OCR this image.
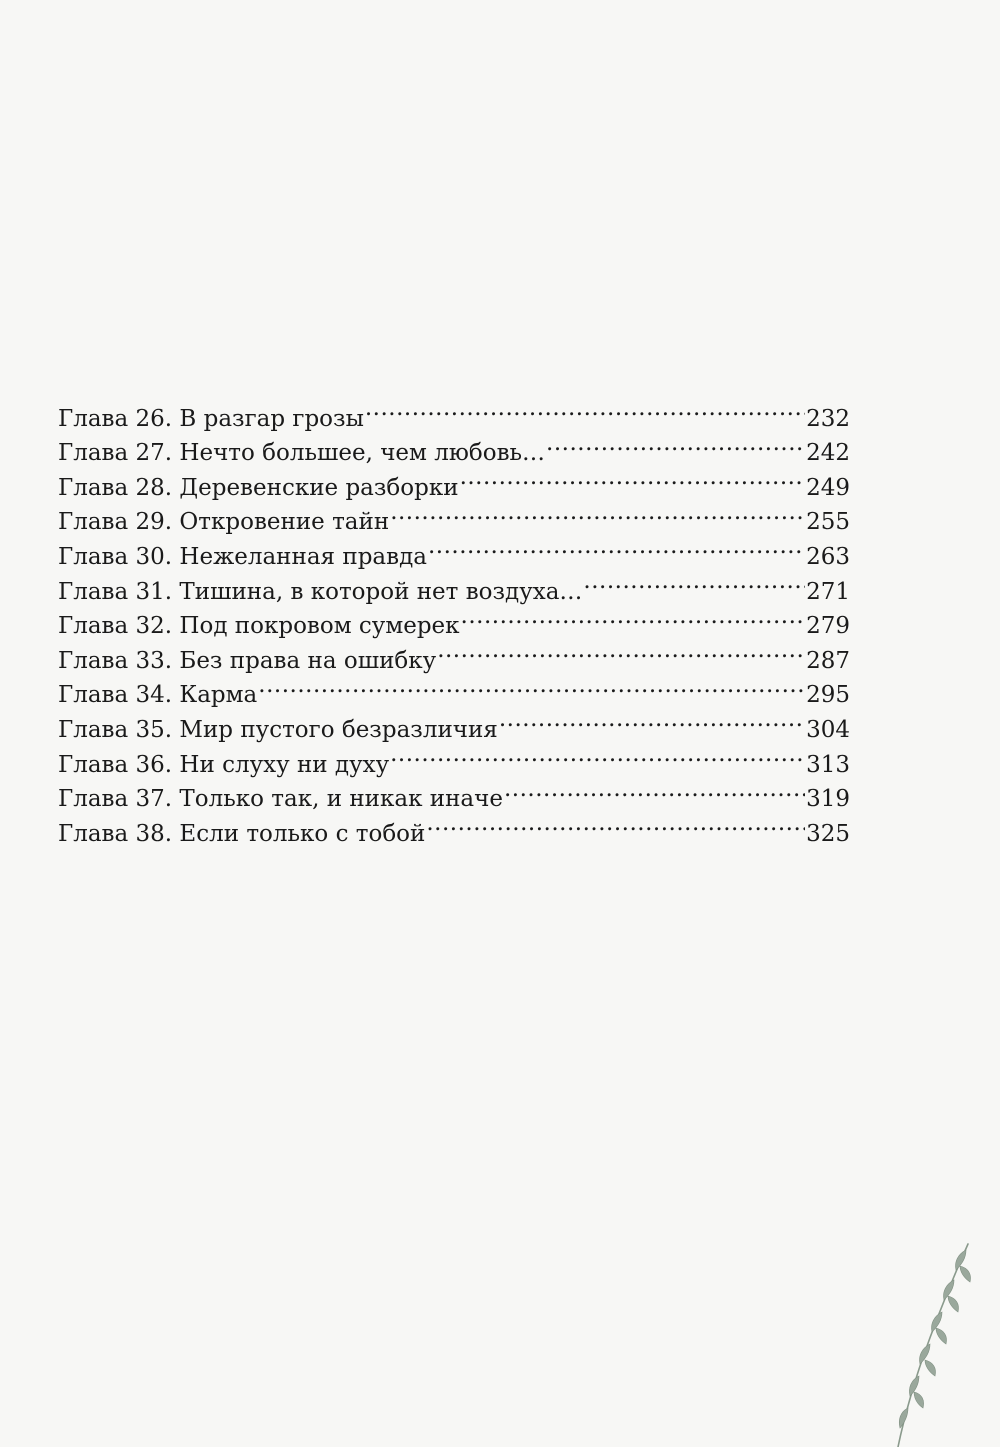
Глава 26. В разгар грозы .....	232
Глава 27. Нечто большее, чем любовь… .....	242
Глава 28. Деревенские разборки .....	249
Глава 29. Откровение тайн .....	255
Глава 30. Нежеланная правда .....	263
Глава 31. Тишина, в которой нет воздуха… .....	271
Глава 32. Под покровом сумерек .....	279
Глава 33. Без права на ошибку .....	287
Глава 34. Карма .....	295
Глава 35. Мир пустого безразличия .....	304
Глава 36. Ни слуху ни духу .....	313
Глава 37. Только так, и никак иначе .....	319
Глава 38. Если только с тобой .....	325
